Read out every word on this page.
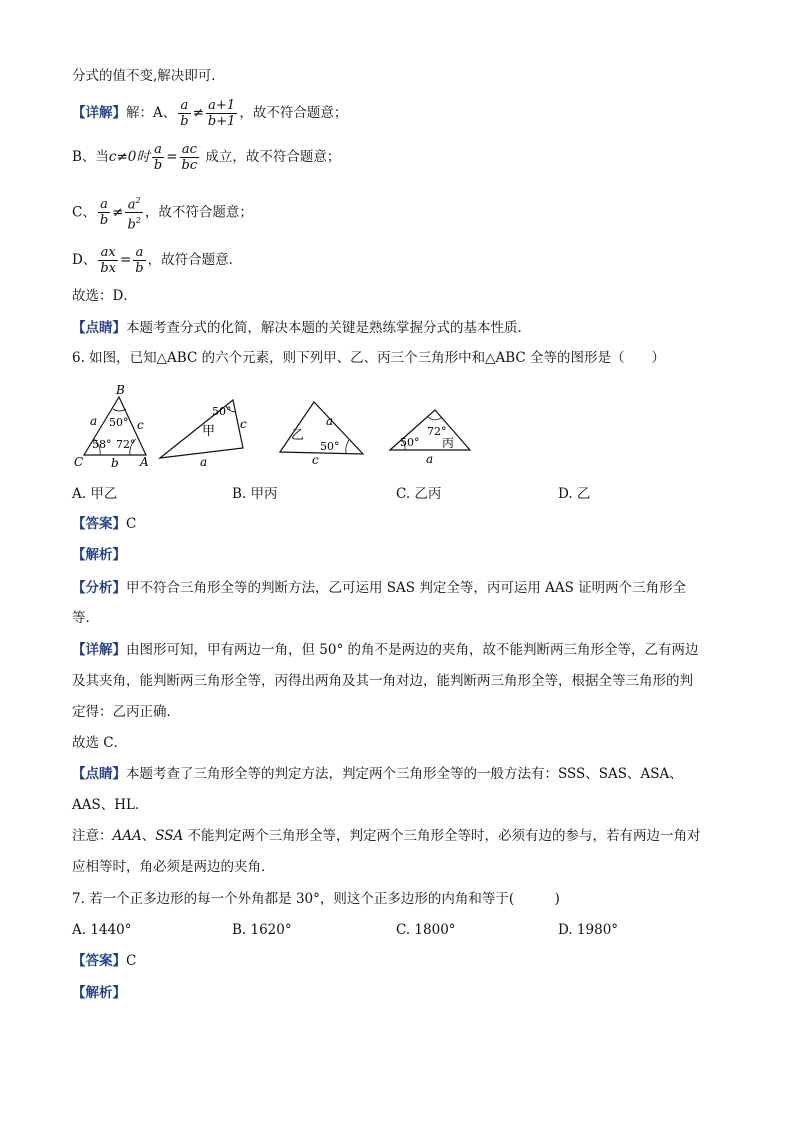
分式的值不变,解决即可．
【详解】解：A、 $\frac{a}{b} \ne \frac{a+1}{b+1}$ ，故不符合题意；
B、当c≠0时 $\frac{a}{b} = \frac{ac}{bc}$ 成立，故不符合题意；
C、 $\frac{a}{b} \ne \frac{a^2}{b^2}$ ，故不符合题意；
D、 $\frac{ax}{bx} = \frac{a}{b}$ ，故符合题意．
故选：D．
【点睛】本题考查分式的化简，解决本题的关键是熟练掌握分式的基本性质．
6. 如图，已知△ABC 的六个元素，则下列甲、乙、丙三个三角形中和△ABC 全等的图形是（　　）
B
C	A
a	c
b
50°
58° 72°
50°
甲 c
a
乙
50°
a
c
72°
50° 丙
a
A. 甲乙	B. 甲丙	C. 乙丙	D. 乙
【答案】C
【解析】
【分析】甲不符合三角形全等的判断方法，乙可运用 SAS 判定全等，丙可运用 AAS 证明两个三角形全
等．
【详解】由图形可知，甲有两边一角，但 50° 的角不是两边的夹角，故不能判断两三角形全等，乙有两边
及其夹角，能判断两三角形全等，丙得出两角及其一角对边，能判断两三角形全等，根据全等三角形的判
定得：乙丙正确．
故选 C．
【点睛】本题考查了三角形全等的判定方法，判定两个三角形全等的一般方法有：SSS、SAS、ASA、
AAS、HL．
注意：AAA、SSA 不能判定两个三角形全等，判定两个三角形全等时，必须有边的参与，若有两边一角对
应相等时，角必须是两边的夹角．
7. 若一个正多边形的每一个外角都是 30°，则这个正多边形的内角和等于(　　　)
A. 1440°	B. 1620°	C. 1800°	D. 1980°
【答案】C
【解析】
